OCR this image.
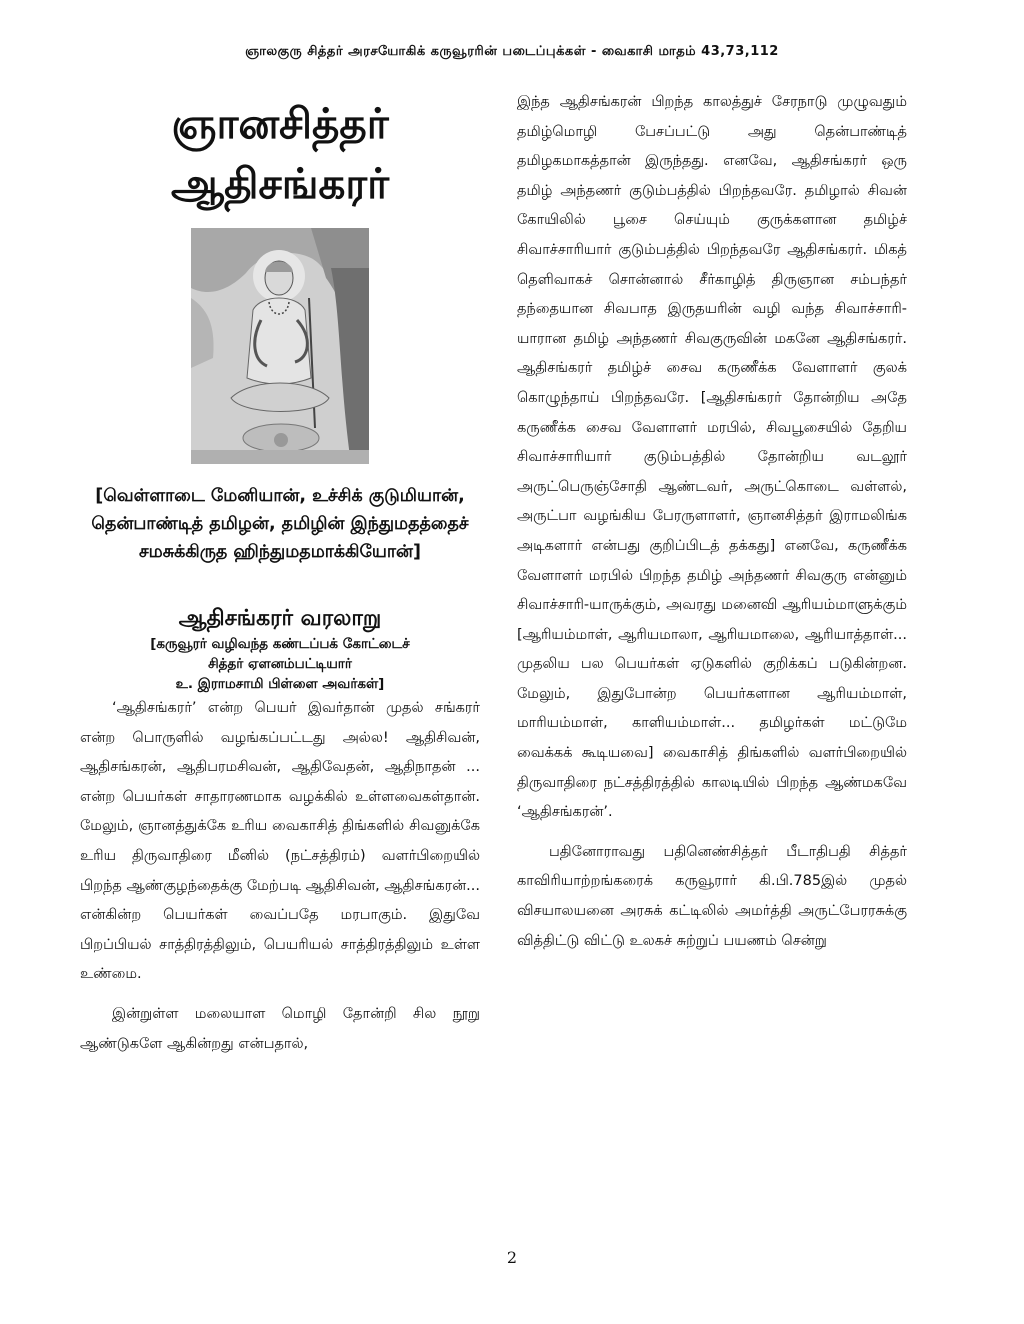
ஞாலகுரு சித்தர் அரசயோகிக் கருவூரரின் படைப்புக்கள் - வைகாசி மாதம் 43,73,112
ஞானசித்தர்
ஆதிசங்கரர்
[வெள்ளாடை மேனியான், உச்சிக் குடுமியான், தென்பாண்டித் தமிழன், தமிழின் இந்துமதத்தைச் சமசுக்கிருத ஹிந்துமதமாக்கியோன்]
ஆதிசங்கரர் வரலாறு
[கருவூரர் வழிவந்த கண்டப்பக் கோட்டைச்
சித்தர் ஏளனம்பட்டியார்
உ. இராமசாமி பிள்ளை அவர்கள்]

‘ஆதிசங்கரர்’ என்ற பெயர் இவர்தான் முதல் சங்கரர் என்ற பொருளில் வழங்கப்பட்டது அல்ல! ஆதிசிவன், ஆதிசங்கரன், ஆதிபரமசிவன், ஆதிவேதன், ஆதிநாதன் ... என்ற பெயர்கள் சாதாரணமாக வழக்கில் உள்ளவைகள்தான். மேலும், ஞானத்துக்கே உரிய வைகாசித் திங்களில் சிவனுக்கே உரிய திருவாதிரை மீனில் (நட்சத்திரம்) வளர்பிறையில் பிறந்த ஆண்குழந்தைக்கு மேற்படி ஆதிசிவன், ஆதிசங்கரன்... என்கின்ற பெயர்கள் வைப்பதே மரபாகும். இதுவே பிறப்பியல் சாத்திரத்திலும், பெயரியல் சாத்திரத்திலும் உள்ள உண்மை.

இன்றுள்ள மலையாள மொழி தோன்றி சில நூறு ஆண்டுகளே ஆகின்றது என்பதால்,

இந்த ஆதிசங்கரன் பிறந்த காலத்துச் சேரநாடு முழுவதும் தமிழ்மொழி பேசப்பட்டு அது தென்பாண்டித் தமிழகமாகத்தான் இருந்தது. எனவே, ஆதிசங்கரர் ஒரு தமிழ் அந்தணர் குடும்பத்தில் பிறந்தவரே. தமிழால் சிவன் கோயிலில் பூசை செய்யும் குருக்களான தமிழ்ச் சிவாச்சாரியார் குடும்பத்தில் பிறந்தவரே ஆதிசங்கரர். மிகத் தெளிவாகச் சொன்னால் சீர்காழித் திருஞான சம்பந்தர் தந்தையான சிவபாத இருதயரின் வழி வந்த சிவாச்சாரி-யாரான தமிழ் அந்தணர் சிவகுருவின் மகனே ஆதிசங்கரர். ஆதிசங்கரர் தமிழ்ச் சைவ கருணீக்க வேளாளர் குலக் கொழுந்தாய் பிறந்தவரே. [ஆதிசங்கரர் தோன்றிய அதே கருணீக்க சைவ வேளாளர் மரபில், சிவபூசையில் தேறிய சிவாச்சாரியார் குடும்பத்தில் தோன்றிய வடலூர் அருட்பெருஞ்சோதி ஆண்டவர், அருட்கொடை வள்ளல், அருட்பா வழங்கிய பேரருளாளர், ஞானசித்தர் இராமலிங்க அடிகளார் என்பது குறிப்பிடத் தக்கது] எனவே, கருணீக்க வேளாளர் மரபில் பிறந்த தமிழ் அந்தணர் சிவகுரு என்னும் சிவாச்சாரி-யாருக்கும், அவரது மனைவி ஆரியம்மாளுக்கும் [ஆரியம்மாள், ஆரியமாலா, ஆரியமாலை, ஆரியாத்தாள்... முதலிய பல பெயர்கள் ஏடுகளில் குறிக்கப் படுகின்றன. மேலும், இதுபோன்ற பெயர்களான ஆரியம்மாள், மாரியம்மாள், காளியம்மாள்... தமிழர்கள் மட்டுமே வைக்கக் கூடியவை] வைகாசித் திங்களில் வளர்பிறையில் திருவாதிரை நட்சத்திரத்தில் காலடியில் பிறந்த ஆண்மகவே ‘ஆதிசங்கரன்’.

பதினோராவது பதினெண்சித்தர் பீடாதிபதி சித்தர் காவிரியாற்றங்கரைக் கருவூரார் கி.பி.785இல் முதல் விசயாலயனை அரசுக் கட்டிலில் அமர்த்தி அருட்பேரரசுக்கு வித்திட்டு விட்டு உலகச் சுற்றுப் பயணம் சென்று

2
